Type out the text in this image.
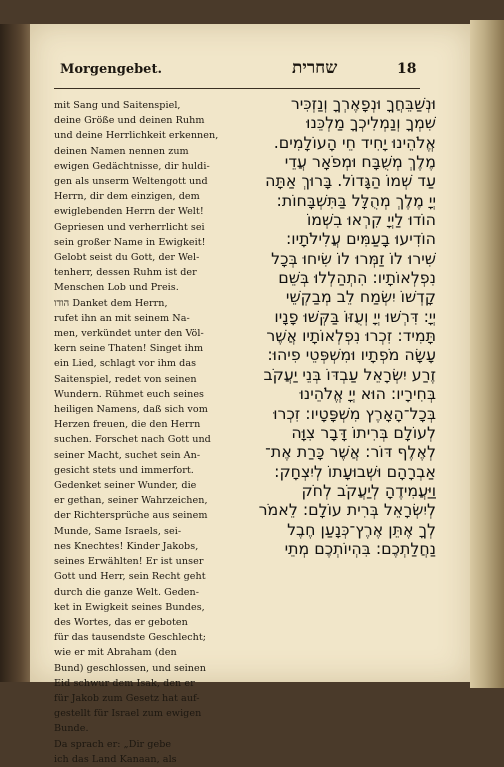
Morgengebet.	שחרית	18
mit Sang und Saitenspiel,
deine Größe und deinen Ruhm
und deine Herrlichkeit erkennen,
deinen Namen nennen zum
ewigen Gedächtnisse, dir huldi-
gen als unserm Weltengott und
Herrn, dir dem einzigen, dem
ewiglebenden Herrn der Welt!
Gepriesen und verherrlicht sei
sein großer Name in Ewigkeit!
Gelobt seist du Gott, der Wel-
tenherr, dessen Ruhm ist der
Menschen Lob und Preis.
הודו Danket dem Herrn,
rufet ihn an mit seinem Na-
men, verkündet unter den Völ-
kern seine Thaten! Singet ihm
ein Lied, schlagt vor ihm das
Saitenspiel, redet von seinen
Wundern. Rühmet euch seines
heiligen Namens, daß sich vom
Herzen freuen, die den Herrn
suchen. Forschet nach Gott und
seiner Macht, suchet sein An-
gesicht stets und immerfort.
Gedenket seiner Wunder, die
er gethan, seiner Wahrzeichen,
der Richtersprüche aus seinem
Munde, Same Israels, sei-
nes Knechtes! Kinder Jakobs,
seines Erwählten! Er ist unser
Gott und Herr, sein Recht geht
durch die ganze Welt. Geden-
ket in Ewigkeit seines Bundes,
des Wortes, das er geboten
für das tausendste Geschlecht;
wie er mit Abraham (den
Bund) geschlossen, und seinen
Eid schwur dem Isak, den er
für Jakob zum Gesetz hat auf-
gestellt für Israel zum ewigen
Bunde.
Da sprach er: „Dir gebe
ich das Land Kanaan, als
וּנְשַׁבֵּחֲךָ וּנְפָאֶרְךָ וְנַזְכִּיר
שִׁמְךָ וְנַמְלִיכְךָ מַלְכֵּנוּ
אֱלֹהֵינוּ יָחִיד חֵי הָעוֹלָמִים.
מֶלֶךְ מְשֻׁבָּח וּמְפֹאָר עֲדֵי
עַד שְׁמוֹ הַגָּדוֹל. בָּרוּךְ אַתָּה
יְיָ מֶלֶךְ מְהֻלָּל בַּתִּשְׁבָּחוֹת:
הוֹדוּ לַיְיָ קִרְאוּ בִשְׁמוֹ
הוֹדִיעוּ בָעַמִּים עֲלִילֹתָיו:
שִׁירוּ לוֹ זַמְּרוּ לוֹ שִׂיחוּ בְּכָל
נִפְלְאוֹתָיו: הִתְהַלְלוּ בְּשֵׁם
קָדְשׁוֹ יִשְׂמַח לֵב מְבַקְשֵׁי
יְיָ: דִּרְשׁוּ יְיָ וְעֻזּוֹ בַּקְּשׁוּ פָנָיו
תָּמִיד: זִכְרוּ נִפְלְאוֹתָיו אֲשֶׁר
עָשָׂה מֹפְתָיו וּמִשְׁפְּטֵי פִיהוּ:
זֶרַע יִשְׂרָאֵל עַבְדּוֹ בְּנֵי יַעֲקֹב
בְּחִירָיו: הוּא יְיָ אֱלֹהֵינוּ
בְּכָל־הָאָרֶץ מִשְׁפָּטָיו: זִכְרוּ
לְעוֹלָם בְּרִיתוֹ דָּבָר צִוָּה
לְאֶלֶף דּוֹר: אֲשֶׁר כָּרַת אֶת־
אַבְרָהָם וּשְׁבוּעָתוֹ לְיִצְחָק:
וַיַּעֲמִידֶהָ לְיַעֲקֹב לְחֹק
לְיִשְׂרָאֵל בְּרִית עוֹלָם: לֵאמֹר
לְךָ אֶתֵּן אֶרֶץ־כְּנָעַן חֶבֶל
נַחֲלַתְכֶם: בִּהְיוֹתְכֶם מְתֵי
